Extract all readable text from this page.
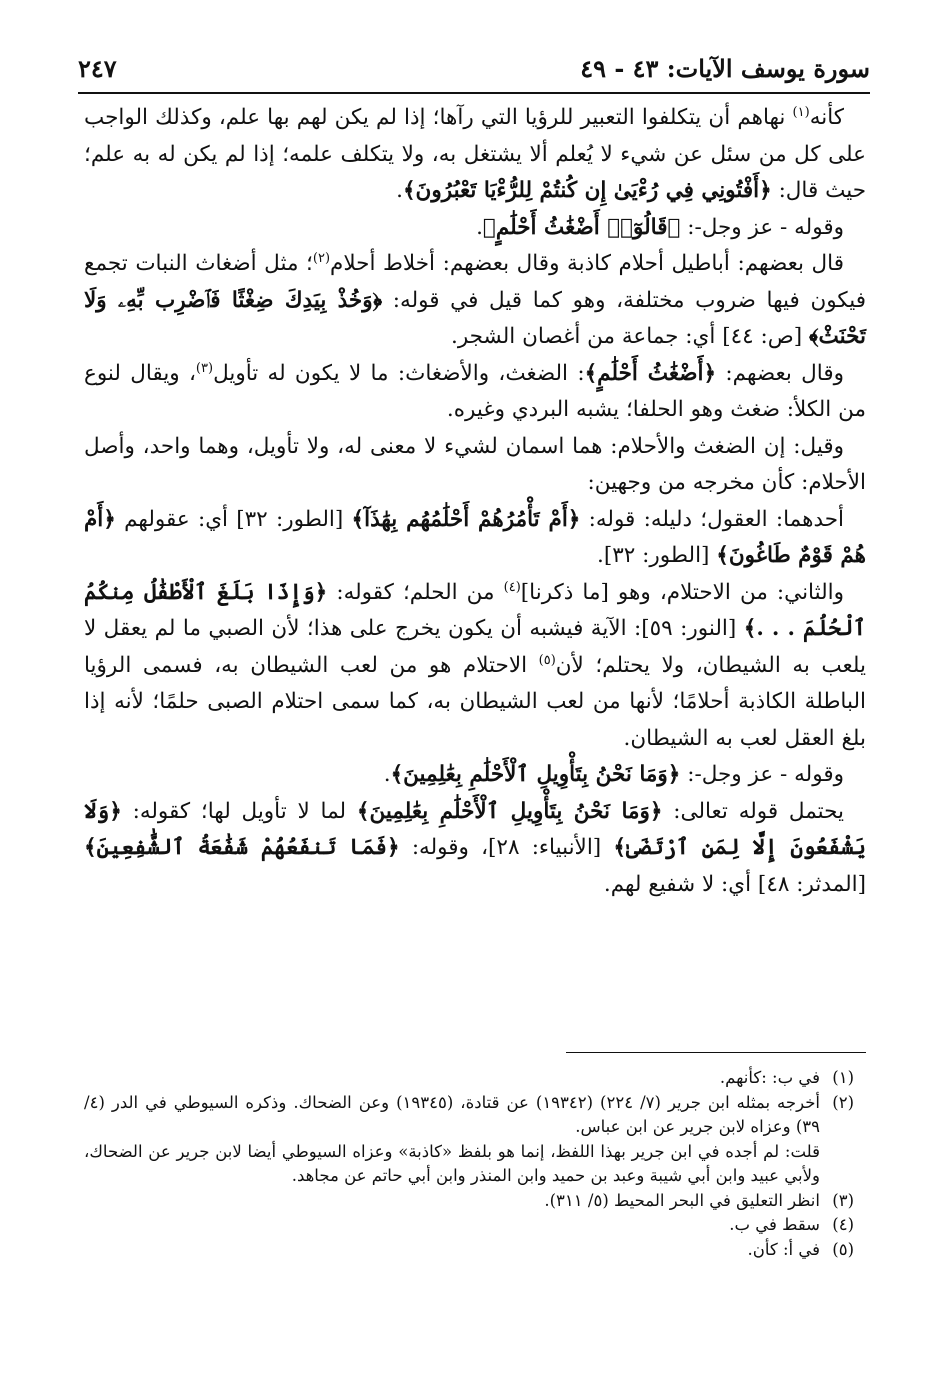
سورة يوسف الآيات: ٤٣ - ٤٩
٢٤٧

كأنه$^{(١)}$ نهاهم أن يتكلفوا التعبير للرؤيا التي رآها؛ إذا لم يكن لهم بها علم، وكذلك الواجب على كل من سئل عن شيء لا يُعلم ألا يشتغل به، ولا يتكلف علمه؛ إذا لم يكن له به علم؛ حيث قال: ﴿أَفْتُونِي فِي رُءْيَىٰ إِن كُنتُمْ لِلرُّءْيَا تَعْبُرُونَ﴾.

وقوله - عز وجل-: ﴿قَالُوٓا۟ أَضْغَٰثُ أَحْلَٰمٍ﴾.

قال بعضهم: أباطيل أحلام كاذبة وقال بعضهم: أخلاط أحلام$^{(٢)}$؛ مثل أضغاث النبات تجمع فيكون فيها ضروب مختلفة، وهو كما قيل في قوله: ﴿وَخُذْ بِيَدِكَ ضِغْثًا فَٱضْرِب بِّهِۦ وَلَا تَحْنَثْ﴾ [ص: ٤٤] أي: جماعة من أغصان الشجر.

وقال بعضهم: ﴿أَضْغَٰثُ أَحْلَٰمٍ﴾: الضغث، والأضغاث: ما لا يكون له تأويل$^{(٣)}$، ويقال لنوع من الكلأ: ضغث وهو الحلفا؛ يشبه البردي وغيره.

وقيل: إن الضغث والأحلام: هما اسمان لشيء لا معنى له، ولا تأويل، وهما واحد، وأصل الأحلام: كأن مخرجه من وجهين:

أحدهما: العقول؛ دليله: قوله: ﴿أَمْ تَأْمُرُهُمْ أَحْلَٰمُهُم بِهَٰذَآ﴾ [الطور: ٣٢] أي: عقولهم ﴿أَمْ هُمْ قَوْمٌ طَاغُونَ﴾ [الطور: ٣٢].

والثاني: من الاحتلام، وهو [ما ذكرنا]$^{(٤)}$ من الحلم؛ كقوله: ﴿وَإِذَا بَلَغَ ٱلْأَطْفَٰلُ مِنكُمُ ٱلْحُلُمَ . . .﴾ [النور: ٥٩]: الآية فيشبه أن يكون يخرج على هذا؛ لأن الصبي ما لم يعقل لا يلعب به الشيطان، ولا يحتلم؛ لأن$^{(٥)}$ الاحتلام هو من لعب الشيطان به، فسمى الرؤيا الباطلة الكاذبة أحلامًا؛ لأنها من لعب الشيطان به، كما سمى احتلام الصبى حلمًا؛ لأنه إذا بلغ العقل لعب به الشيطان.

وقوله - عز وجل-: ﴿وَمَا نَحْنُ بِتَأْوِيلِ ٱلْأَحْلَٰمِ بِعَٰلِمِينَ﴾.

يحتمل قوله تعالى: ﴿وَمَا نَحْنُ بِتَأْوِيلِ ٱلْأَحْلَٰمِ بِعَٰلِمِينَ﴾ لما لا تأويل لها؛ كقوله: ﴿وَلَا يَشْفَعُونَ إِلَّا لِمَنِ ٱرْتَضَىٰ﴾ [الأنبياء: ٢٨]، وقوله: ﴿فَمَا تَنفَعُهُمْ شَفَٰعَةُ ٱلشَّٰفِعِينَ﴾ [المدثر: ٤٨] أي: لا شفيع لهم.

(١)
في ب: :كأنهم.
(٢)
أخرجه بمثله ابن جرير (٧/ ٢٢٤) (١٩٣٤٢) عن قتادة، (١٩٣٤٥) وعن الضحاك. وذكره السيوطي في الدر (٤/ ٣٩) وعزاه لابن جرير عن ابن عباس.
قلت: لم أجده في ابن جرير بهذا اللفظ، إنما هو بلفظ «كاذبة» وعزاه السيوطي أيضا لابن جرير عن الضحاك، ولأبي عبيد وابن أبي شيبة وعبد بن حميد وابن المنذر وابن أبي حاتم عن مجاهد.
(٣)
انظر التعليق في البحر المحيط (٥/ ٣١١).
(٤)
سقط في ب.
(٥)
في أ: كأن.
